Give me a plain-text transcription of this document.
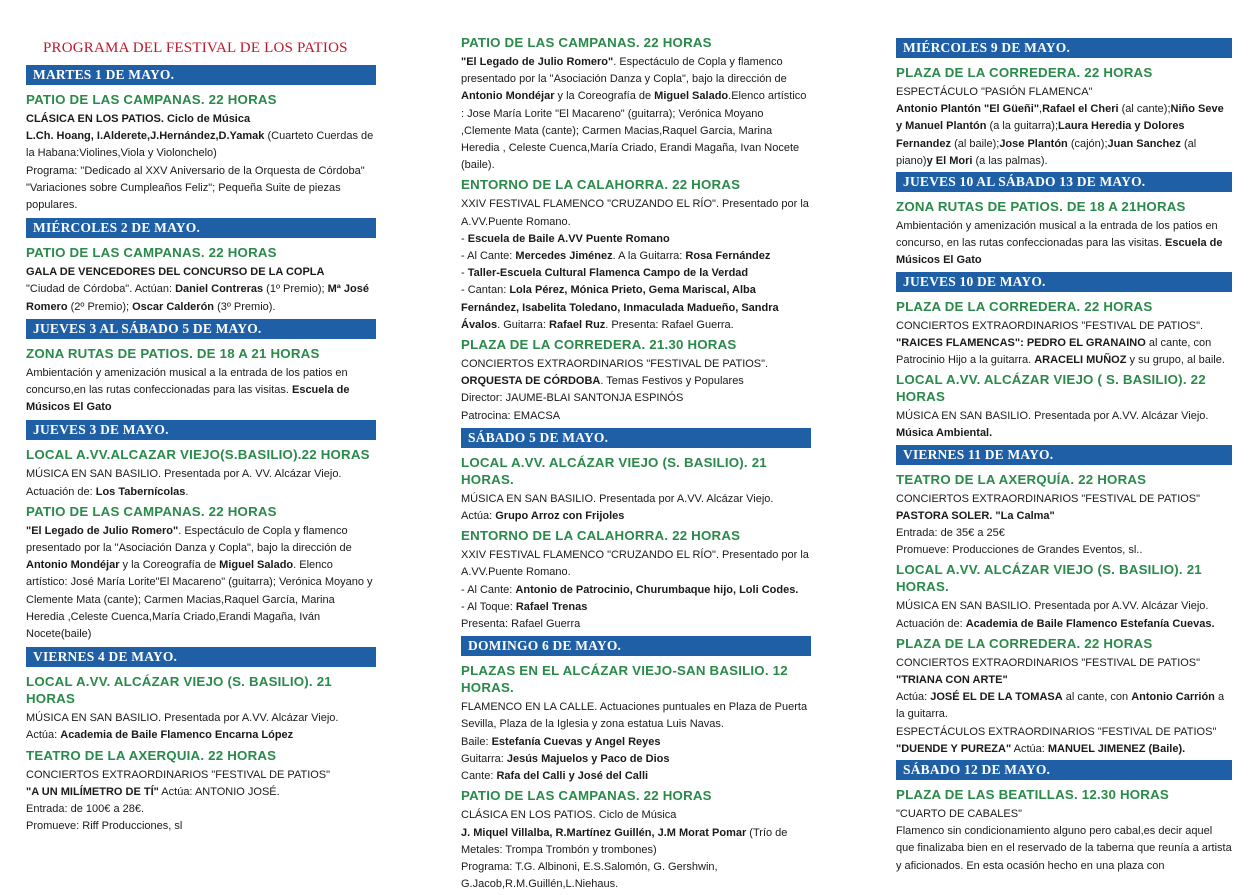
PROGRAMA DEL FESTIVAL DE LOS PATIOS
MARTES 1 DE MAYO.
PATIO DE LAS CAMPANAS. 22 HORAS
CLÁSICA EN LOS PATIOS. Ciclo de Música
L.Ch. Hoang, I.Alderete,J.Hernández,D.Yamak (Cuarteto Cuerdas de la Habana:Violines,Viola y Violonchelo)
Programa: "Dedicado al XXV Aniversario de la Orquesta de Córdoba" "Variaciones sobre Cumpleaños Feliz"; Pequeña Suite de piezas populares.
MIÉRCOLES 2 DE MAYO.
PATIO DE LAS CAMPANAS. 22 HORAS
GALA DE VENCEDORES DEL CONCURSO DE LA COPLA
"Ciudad de Córdoba". Actúan: Daniel Contreras (1º Premio); Mª José Romero (2º Premio); Oscar Calderón (3º Premio).
JUEVES 3 AL SÁBADO 5 DE MAYO.
ZONA RUTAS DE PATIOS. DE 18 A 21 HORAS
Ambientación y amenización musical a la entrada de los patios en concurso,en las rutas confeccionadas para las visitas. Escuela de Músicos El Gato
JUEVES 3 DE MAYO.
LOCAL A.VV.ALCAZAR VIEJO(S.BASILIO).22 HORAS
MÚSICA EN SAN BASILIO. Presentada por A. VV. Alcázar Viejo.
Actuación de: Los Tabernícolas.
PATIO DE LAS CAMPANAS. 22 HORAS
"El Legado de Julio Romero". Espectáculo de Copla y flamenco presentado por la "Asociación Danza y Copla", bajo la dirección de Antonio Mondéjar y la Coreografía de Miguel Salado. Elenco artístico: José María Lorite"El Macareno" (guitarra); Verónica Moyano y Clemente Mata (cante); Carmen Macias,Raquel García, Marina Heredia ,Celeste Cuenca,María Criado,Erandi Magaña, Iván Nocete(baile)
VIERNES 4 DE MAYO.
LOCAL A.VV. ALCÁZAR VIEJO (S. BASILIO). 21 HORAS
MÚSICA EN SAN BASILIO. Presentada por A.VV. Alcázar Viejo.
Actúa: Academia de Baile Flamenco Encarna López
TEATRO DE LA AXERQUIA. 22 HORAS
CONCIERTOS EXTRAORDINARIOS "FESTIVAL DE PATIOS"
"A UN MILÍMETRO DE TÍ" Actúa: ANTONIO JOSÉ.
Entrada: de 100€ a 28€.
Promueve: Riff Producciones, sl
PATIO DE LAS CAMPANAS. 22 HORAS
"El Legado de Julio Romero". Espectáculo de Copla y flamenco presentado por la "Asociación Danza y Copla", bajo la dirección de Antonio Mondéjar y la Coreografía de Miguel Salado.Elenco artístico : Jose María Lorite "El Macareno" (guitarra); Verónica Moyano ,Clemente Mata (cante); Carmen Macias,Raquel Garcia, Marina Heredia , Celeste Cuenca,María Criado, Erandi Magaña, Ivan Nocete (baile).
ENTORNO DE LA CALAHORRA. 22 HORAS
XXIV FESTIVAL FLAMENCO "CRUZANDO EL RÍO". Presentado por la A.VV.Puente Romano.
- Escuela de Baile A.VV Puente Romano
- Al Cante: Mercedes Jiménez. A la Guitarra: Rosa Fernández
- Taller-Escuela Cultural Flamenca Campo de la Verdad
- Cantan: Lola Pérez, Mónica Prieto, Gema Mariscal, Alba Fernández, Isabelita Toledano, Inmaculada Madueño, Sandra Ávalos. Guitarra: Rafael Ruz. Presenta: Rafael Guerra.
PLAZA DE LA CORREDERA. 21.30 HORAS
CONCIERTOS EXTRAORDINARIOS "FESTIVAL DE PATIOS".
ORQUESTA DE CÓRDOBA. Temas Festivos y Populares
Director: JAUME-BLAI SANTONJA ESPINÓS
Patrocina: EMACSA
SÁBADO 5 DE MAYO.
LOCAL A.VV. ALCÁZAR VIEJO (S. BASILIO). 21 HORAS.
MÚSICA EN SAN BASILIO. Presentada por A.VV. Alcázar Viejo.
Actúa: Grupo Arroz con Frijoles
ENTORNO DE LA CALAHORRA. 22 HORAS
XXIV FESTIVAL FLAMENCO "CRUZANDO EL RÍO". Presentado por la A.VV.Puente Romano.
- Al Cante: Antonio de Patrocinio, Churumbaque hijo, Loli Codes.
- Al Toque: Rafael Trenas
Presenta: Rafael Guerra
DOMINGO 6 DE MAYO.
PLAZAS EN EL ALCÁZAR VIEJO-SAN BASILIO. 12 HORAS.
FLAMENCO EN LA CALLE. Actuaciones puntuales en Plaza de Puerta Sevilla, Plaza de la Iglesia y zona estatua Luis Navas.
Baile: Estefanía Cuevas y Angel Reyes
Guitarra: Jesús Majuelos y Paco de Dios
Cante: Rafa del Calli y José del Calli
PATIO DE LAS CAMPANAS. 22 HORAS
CLÁSICA EN LOS PATIOS. Ciclo de Música
J. Miquel Villalba, R.Martínez Guillén, J.M Morat Pomar (Trío de Metales: Trompa Trombón y trombones)
Programa: T.G. Albinoni, E.S.Salomón, G. Gershwin, G.Jacob,R.M.Guillén,L.Niehaus.
MIÉRCOLES 9 DE MAYO.
PLAZA DE LA CORREDERA. 22 HORAS
ESPECTÁCULO "PASIÓN FLAMENCA"
Antonio Plantón "El Güeñi",Rafael el Cheri (al cante);Niño Seve y Manuel Plantón (a la guitarra);Laura Heredia y Dolores Fernandez (al baile);Jose Plantón (cajón);Juan Sanchez (al piano)y El Mori (a las palmas).
JUEVES 10 AL SÁBADO 13 DE MAYO.
ZONA RUTAS DE PATIOS. DE 18 A 21HORAS
Ambientación y amenización musical a la entrada de los patios en concurso, en las rutas confeccionadas para las visitas. Escuela de Músicos El Gato
JUEVES 10 DE MAYO.
PLAZA DE LA CORREDERA. 22 HORAS
CONCIERTOS EXTRAORDINARIOS "FESTIVAL DE PATIOS".
"RAICES FLAMENCAS": PEDRO EL GRANAINO al cante, con Patrocinio Hijo a la guitarra. ARACELI MUÑOZ y su grupo, al baile.
LOCAL A.VV. ALCÁZAR VIEJO ( S. BASILIO). 22 HORAS
MÚSICA EN SAN BASILIO. Presentada por A.VV. Alcázar Viejo.
Música Ambiental.
VIERNES 11 DE MAYO.
TEATRO DE LA AXERQUÍA. 22 HORAS
CONCIERTOS EXTRAORDINARIOS "FESTIVAL DE PATIOS"
PASTORA SOLER. "La Calma"
Entrada: de 35€ a 25€
Promueve: Producciones de Grandes Eventos, sl..
LOCAL A.VV. ALCÁZAR VIEJO (S. BASILIO). 21 HORAS.
MÚSICA EN SAN BASILIO. Presentada por A.VV. Alcázar Viejo.
Actuación de: Academia de Baile Flamenco Estefanía Cuevas.
PLAZA DE LA CORREDERA. 22 HORAS
CONCIERTOS EXTRAORDINARIOS "FESTIVAL DE PATIOS"
"TRIANA CON ARTE"
Actúa: JOSÉ EL DE LA TOMASA al cante, con Antonio Carrión a la guitarra.
ESPECTÁCULOS EXTRAORDINARIOS "FESTIVAL DE PATIOS"
"DUENDE Y PUREZA" Actúa: MANUEL JIMENEZ (Baile).
SÁBADO 12 DE MAYO.
PLAZA DE LAS BEATILLAS. 12.30 HORAS
"CUARTO DE CABALES"
Flamenco sin condicionamiento alguno pero cabal,es decir aquel que finalizaba bien en el reservado de la taberna que reunía a artista y aficionados. En esta ocasión hecho en una plaza con
